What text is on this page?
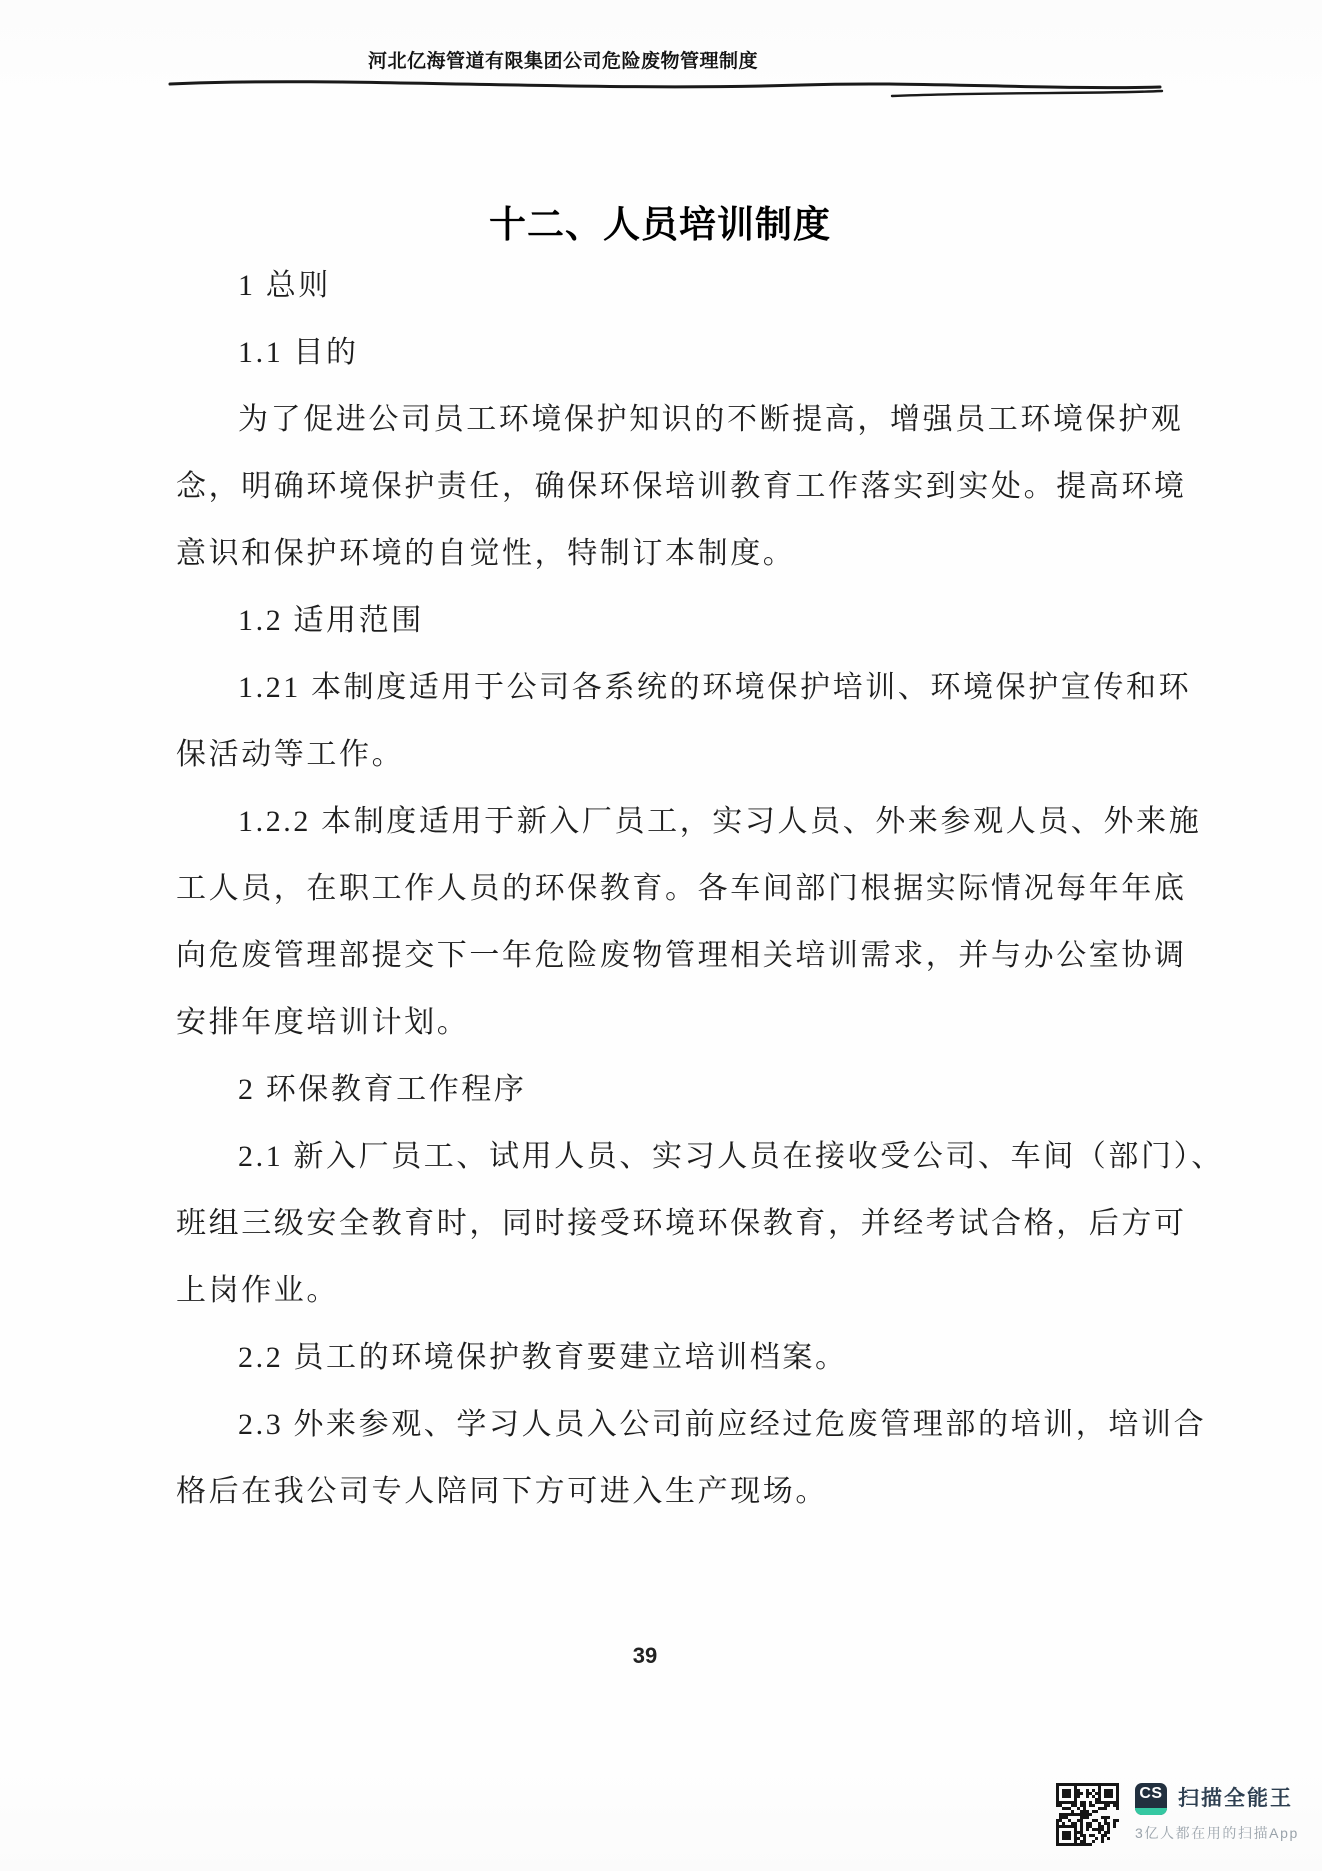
河北亿海管道有限集团公司危险废物管理制度
十二、人员培训制度
1 总则
1.1 目的
为了促进公司员工环境保护知识的不断提高，增强员工环境保护观
念，明确环境保护责任，确保环保培训教育工作落实到实处。提高环境
意识和保护环境的自觉性，特制订本制度。
1.2 适用范围
1.21 本制度适用于公司各系统的环境保护培训、环境保护宣传和环
保活动等工作。
1.2.2 本制度适用于新入厂员工，实习人员、外来参观人员、外来施
工人员，在职工作人员的环保教育。各车间部门根据实际情况每年年底
向危废管理部提交下一年危险废物管理相关培训需求，并与办公室协调
安排年度培训计划。
2 环保教育工作程序
2.1 新入厂员工、试用人员、实习人员在接收受公司、车间（部门）、
班组三级安全教育时，同时接受环境环保教育，并经考试合格，后方可
上岗作业。
2.2 员工的环境保护教育要建立培训档案。
2.3 外来参观、学习人员入公司前应经过危废管理部的培训，培训合
格后在我公司专人陪同下方可进入生产现场。
39
CS 扫描全能王
3亿人都在用的扫描App
